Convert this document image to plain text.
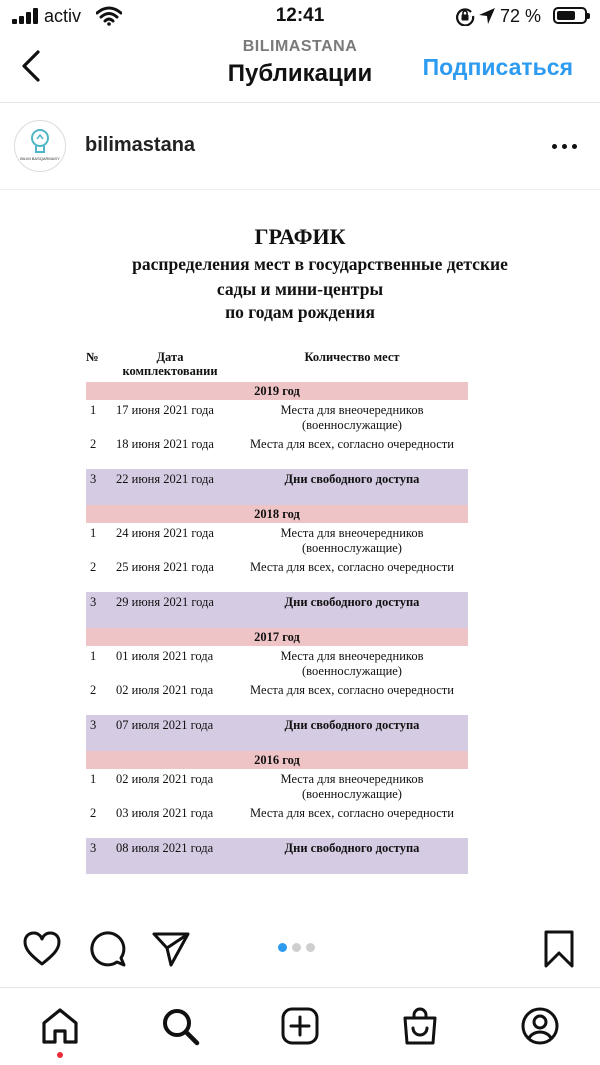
activ	12:41	72 %
BILIMASTANA
Публикации	Подписаться
BILIM BASQARMASY
bilimastana
ГРАФИК
распределения мест в государственные детские
сады и мини-центры
по годам рождения
№	Дата комплектовании
Количество мест
2019 год
1 17 июня 2021 года	Места для внеочередников (военнослужащие)
2 18 июня 2021 года	Места для всех, согласно очередности
3 22 июня 2021 года	Дни свободного доступа
2018 год
1 24 июня 2021 года	Места для внеочередников (военнослужащие)
2 25 июня 2021 года	Места для всех, согласно очередности
3 29 июня 2021 года	Дни свободного доступа
2017 год
1 01 июля 2021 года	Места для внеочередников (военнослужащие)
2 02 июля 2021 года	Места для всех, согласно очередности
3 07 июля 2021 года	Дни свободного доступа
2016 год
1 02 июля 2021 года	Места для внеочередников (военнослужащие)
2 03 июля 2021 года	Места для всех, согласно очередности
3 08 июля 2021 года	Дни свободного доступа
